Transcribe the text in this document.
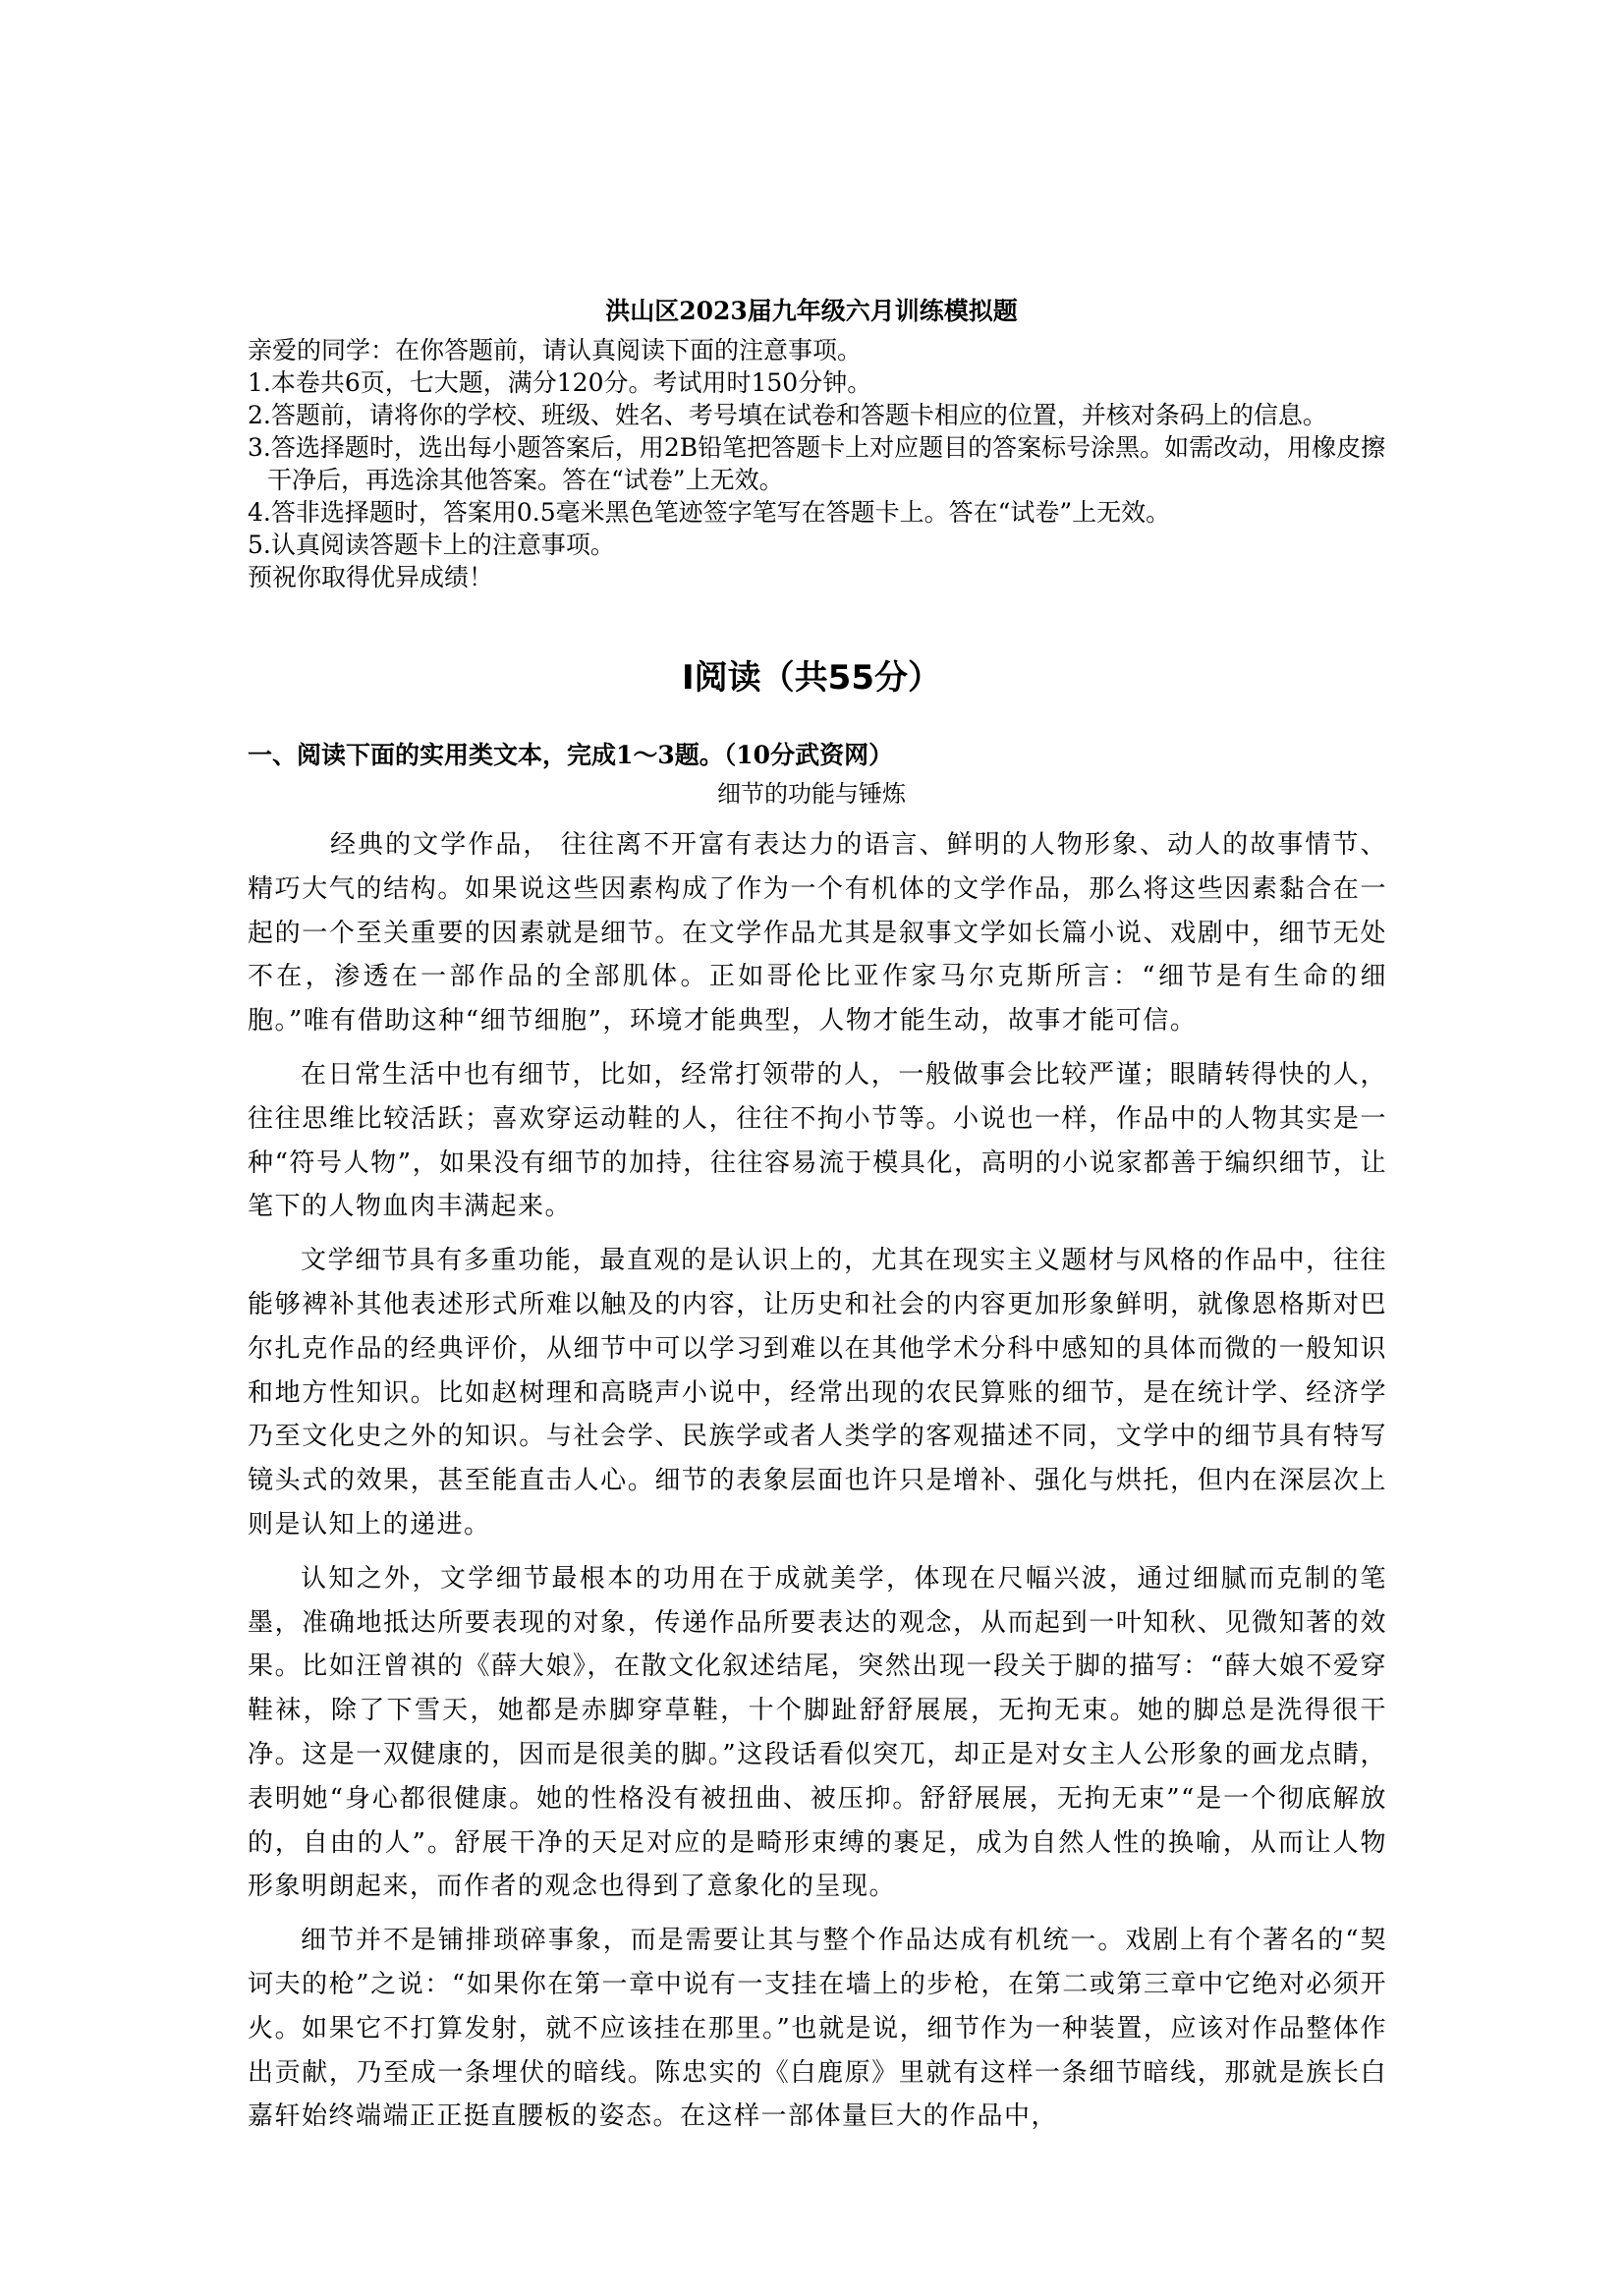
洪山区2023届九年级六月训练模拟题
亲爱的同学：在你答题前，请认真阅读下面的注意事项。
1.本卷共6页，七大题，满分120分。考试用时150分钟。
2.答题前，请将你的学校、班级、姓名、考号填在试卷和答题卡相应的位置，并核对条码上的信息。
3.答选择题时，选出每小题答案后，用2B铅笔把答题卡上对应题目的答案标号涂黑。如需改动，用橡皮擦干净后，再选涂其他答案。答在“试卷”上无效。
4.答非选择题时，答案用0.5毫米黑色笔迹签字笔写在答题卡上。答在“试卷”上无效。
5.认真阅读答题卡上的注意事项。
预祝你取得优异成绩！
Ⅰ阅读（共55分）
一、阅读下面的实用类文本，完成1～3题。（10分武资网）
细节的功能与锤炼

经典的文学作品， 往往离不开富有表达力的语言、鲜明的人物形象、动人的故事情节、精巧大气的结构。如果说这些因素构成了作为一个有机体的文学作品，那么将这些因素黏合在一起的一个至关重要的因素就是细节。在文学作品尤其是叙事文学如长篇小说、戏剧中，细节无处不在，渗透在一部作品的全部肌体。正如哥伦比亚作家马尔克斯所言：“细节是有生命的细胞。”唯有借助这种“细节细胞”，环境才能典型，人物才能生动，故事才能可信。

在日常生活中也有细节，比如，经常打领带的人，一般做事会比较严谨；眼睛转得快的人，往往思维比较活跃；喜欢穿运动鞋的人，往往不拘小节等。小说也一样，作品中的人物其实是一种“符号人物”，如果没有细节的加持，往往容易流于模具化，高明的小说家都善于编织细节，让笔下的人物血肉丰满起来。

文学细节具有多重功能，最直观的是认识上的，尤其在现实主义题材与风格的作品中，往往能够裨补其他表述形式所难以触及的内容，让历史和社会的内容更加形象鲜明，就像恩格斯对巴尔扎克作品的经典评价，从细节中可以学习到难以在其他学术分科中感知的具体而微的一般知识和地方性知识。比如赵树理和高晓声小说中，经常出现的农民算账的细节，是在统计学、经济学乃至文化史之外的知识。与社会学、民族学或者人类学的客观描述不同，文学中的细节具有特写镜头式的效果，甚至能直击人心。细节的表象层面也许只是增补、强化与烘托，但内在深层次上则是认知上的递进。

认知之外，文学细节最根本的功用在于成就美学，体现在尺幅兴波，通过细腻而克制的笔墨，准确地抵达所要表现的对象，传递作品所要表达的观念，从而起到一叶知秋、见微知著的效果。比如汪曾祺的《薛大娘》，在散文化叙述结尾，突然出现一段关于脚的描写：“薛大娘不爱穿鞋袜，除了下雪天，她都是赤脚穿草鞋，十个脚趾舒舒展展，无拘无束。她的脚总是洗得很干净。这是一双健康的，因而是很美的脚。”这段话看似突兀，却正是对女主人公形象的画龙点睛，表明她“身心都很健康。她的性格没有被扭曲、被压抑。舒舒展展，无拘无束”“是一个彻底解放的，自由的人”。舒展干净的天足对应的是畸形束缚的裹足，成为自然人性的换喻，从而让人物形象明朗起来，而作者的观念也得到了意象化的呈现。

细节并不是铺排琐碎事象，而是需要让其与整个作品达成有机统一。戏剧上有个著名的“契诃夫的枪”之说：“如果你在第一章中说有一支挂在墙上的步枪，在第二或第三章中它绝对必须开火。如果它不打算发射，就不应该挂在那里。”也就是说，细节作为一种装置，应该对作品整体作出贡献，乃至成一条埋伏的暗线。陈忠实的《白鹿原》里就有这样一条细节暗线，那就是族长白嘉轩始终端端正正挺直腰板的姿态。在这样一部体量巨大的作品中，
